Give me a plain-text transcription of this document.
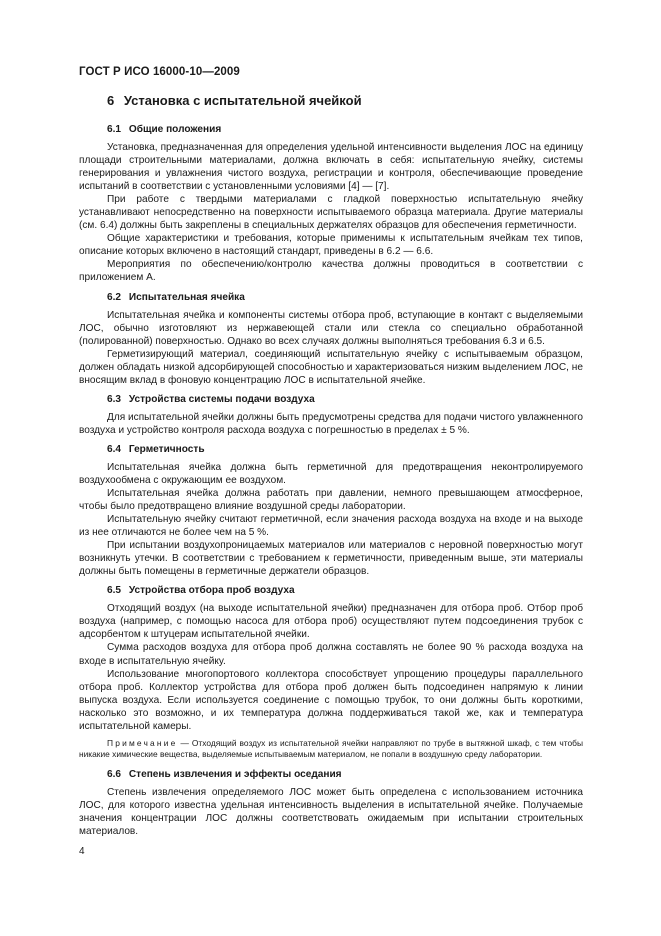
ГОСТ Р ИСО 16000-10—2009
6 Установка с испытательной ячейкой
6.1 Общие положения

Установка, предназначенная для определения удельной интенсивности выделения ЛОС на единицу площади строительными материалами, должна включать в себя: испытательную ячейку, системы генерирования и увлажнения чистого воздуха, регистрации и контроля, обеспечивающие проведение испытаний в соответствии с установленными условиями [4] — [7].

При работе с твердыми материалами с гладкой поверхностью испытательную ячейку устанавливают непосредственно на поверхности испытываемого образца материала. Другие материалы (см. 6.4) должны быть закреплены в специальных держателях образцов для обеспечения герметичности.

Общие характеристики и требования, которые применимы к испытательным ячейкам тех типов, описание которых включено в настоящий стандарт, приведены в 6.2 — 6.6.

Мероприятия по обеспечению/контролю качества должны проводиться в соответствии с приложением А.

6.2 Испытательная ячейка

Испытательная ячейка и компоненты системы отбора проб, вступающие в контакт с выделяемыми ЛОС, обычно изготовляют из нержавеющей стали или стекла со специально обработанной (полированной) поверхностью. Однако во всех случаях должны выполняться требования 6.3 и 6.5.

Герметизирующий материал, соединяющий испытательную ячейку с испытываемым образцом, должен обладать низкой адсорбирующей способностью и характеризоваться низким выделением ЛОС, не вносящим вклад в фоновую концентрацию ЛОС в испытательной ячейке.

6.3 Устройства системы подачи воздуха

Для испытательной ячейки должны быть предусмотрены средства для подачи чистого увлажненного воздуха и устройство контроля расхода воздуха с погрешностью в пределах ± 5 %.

6.4 Герметичность

Испытательная ячейка должна быть герметичной для предотвращения неконтролируемого воздухообмена с окружающим ее воздухом.

Испытательная ячейка должна работать при давлении, немного превышающем атмосферное, чтобы было предотвращено влияние воздушной среды лаборатории.

Испытательную ячейку считают герметичной, если значения расхода воздуха на входе и на выходе из нее отличаются не более чем на 5 %.

При испытании воздухопроницаемых материалов или материалов с неровной поверхностью могут возникнуть утечки. В соответствии с требованием к герметичности, приведенным выше, эти материалы должны быть помещены в герметичные держатели образцов.

6.5 Устройства отбора проб воздуха

Отходящий воздух (на выходе испытательной ячейки) предназначен для отбора проб. Отбор проб воздуха (например, с помощью насоса для отбора проб) осуществляют путем подсоединения трубок с адсорбентом к штуцерам испытательной ячейки.

Сумма расходов воздуха для отбора проб должна составлять не более 90 % расхода воздуха на входе в испытательную ячейку.

Использование многопортового коллектора способствует упрощению процедуры параллельного отбора проб. Коллектор устройства для отбора проб должен быть подсоединен напрямую к линии выпуска воздуха. Если используется соединение с помощью трубок, то они должны быть короткими, насколько это возможно, и их температура должна поддерживаться такой же, как и температура испытательной камеры.

Примечание — Отходящий воздух из испытательной ячейки направляют по трубе в вытяжной шкаф, с тем чтобы никакие химические вещества, выделяемые испытываемым материалом, не попали в воздушную среду лаборатории.
6.6 Степень извлечения и эффекты оседания

Степень извлечения определяемого ЛОС может быть определена с использованием источника ЛОС, для которого известна удельная интенсивность выделения в испытательной ячейке. Получаемые значения концентрации ЛОС должны соответствовать ожидаемым при испытании строительных материалов.

4
